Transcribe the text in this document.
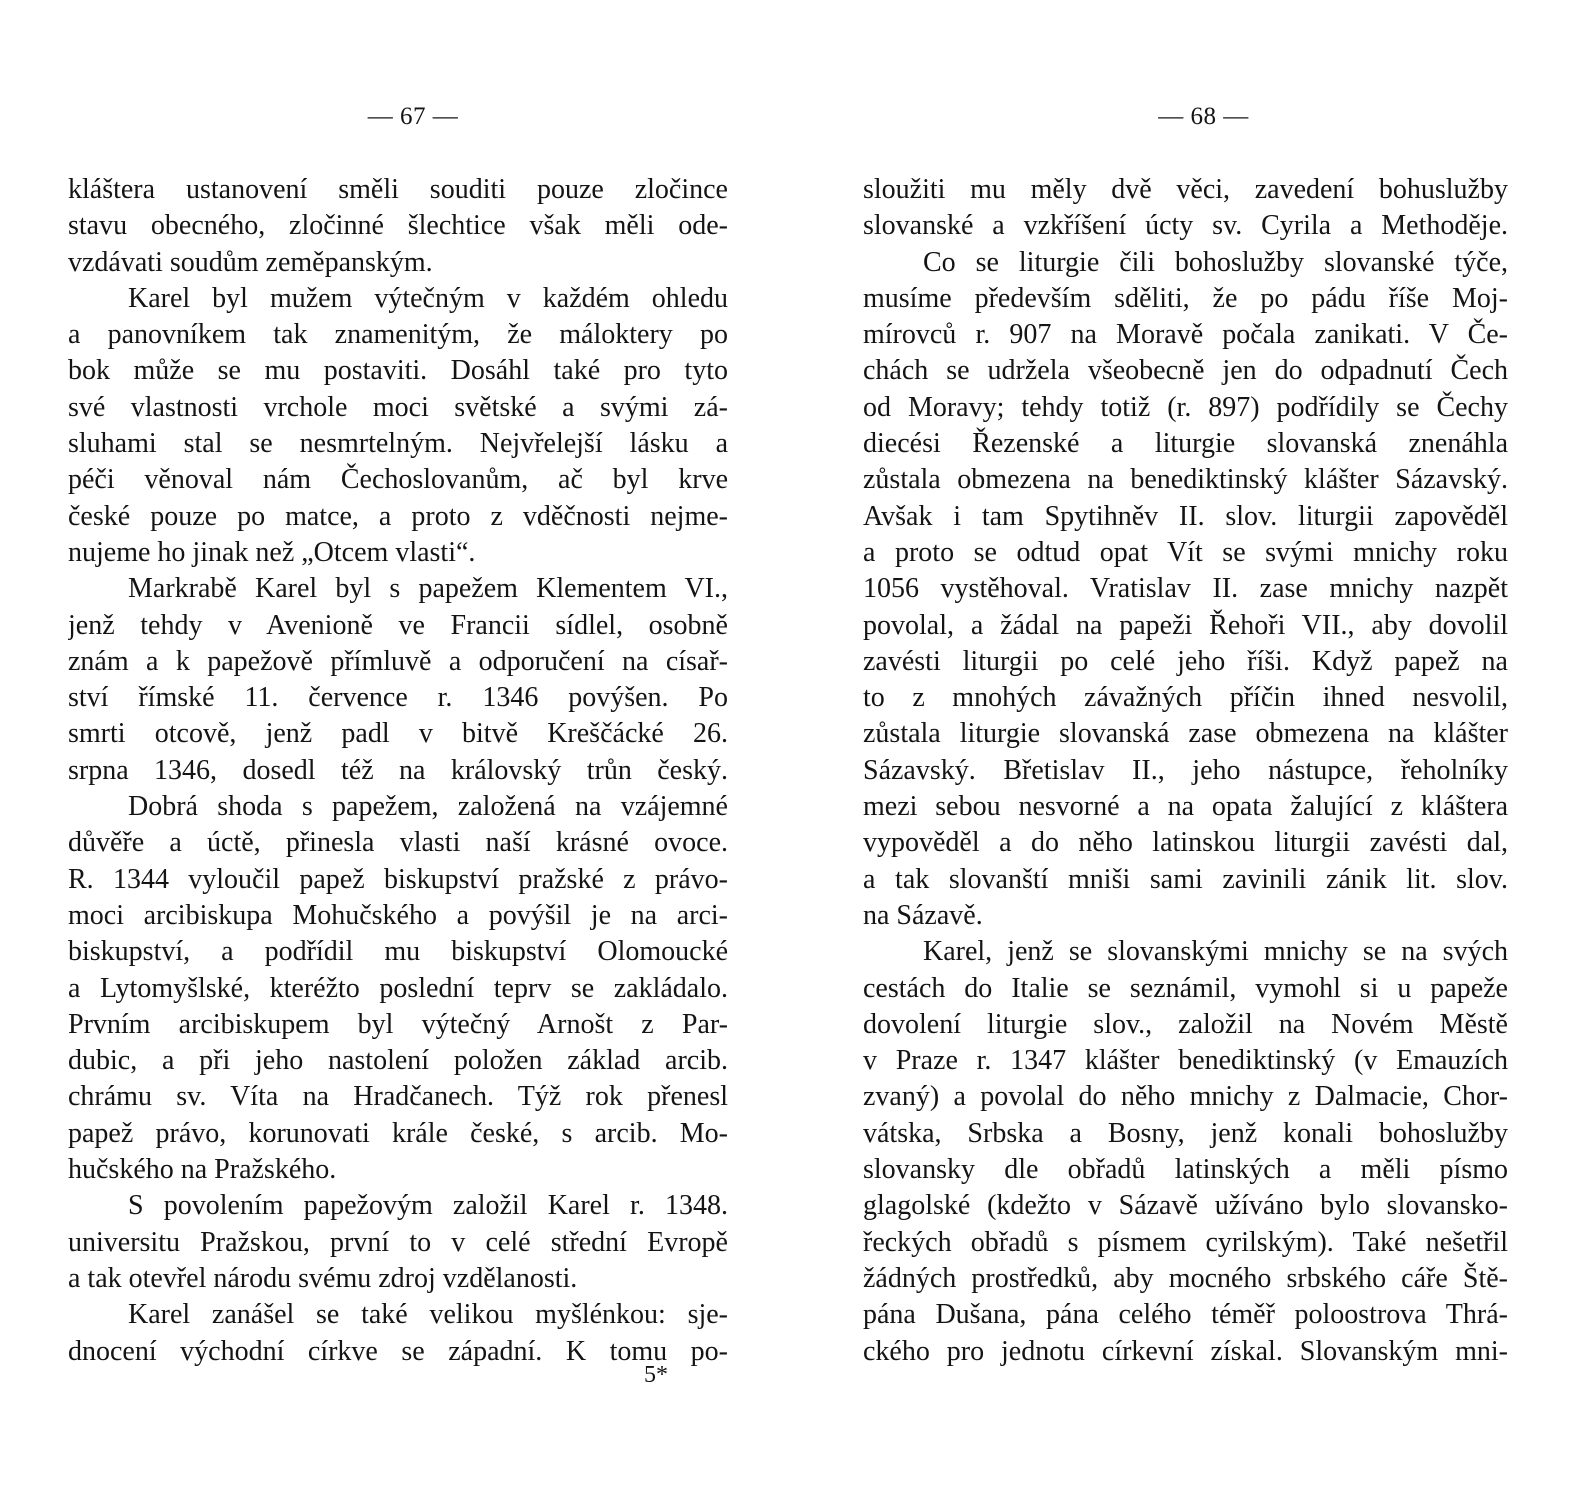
— 67 —
kláštera ustanovení směli souditi pouze zločince
stavu obecného, zločinné šlechtice však měli ode-
vzdávati soudům zeměpanským.
Karel byl mužem výtečným v každém ohledu
a panovníkem tak znamenitým, že máloktery po
bok může se mu postaviti. Dosáhl také pro tyto
své vlastnosti vrchole moci světské a svými zá-
sluhami stal se nesmrtelným. Nejvřelejší lásku a
péči věnoval nám Čechoslovanům, ač byl krve
české pouze po matce, a proto z vděčnosti nejme-
nujeme ho jinak než „Otcem vlasti“.
Markrabě Karel byl s papežem Klementem VI.,
jenž tehdy v Avenioně ve Francii sídlel, osobně
znám a k papežově přímluvě a odporučení na císař-
ství římské 11. července r. 1346 povýšen. Po
smrti otcově, jenž padl v bitvě Kreščácké 26.
srpna 1346, dosedl též na královský trůn český.
Dobrá shoda s papežem, založená na vzájemné
důvěře a úctě, přinesla vlasti naší krásné ovoce.
R. 1344 vyloučil papež biskupství pražské z právo-
moci arcibiskupa Mohučského a povýšil je na arci-
biskupství, a podřídil mu biskupství Olomoucké
a Lytomyšlské, kteréžto poslední teprv se zakládalo.
Prvním arcibiskupem byl výtečný Arnošt z Par-
dubic, a při jeho nastolení položen základ arcib.
chrámu sv. Víta na Hradčanech. Týž rok přenesl
papež právo, korunovati krále české, s arcib. Mo-
hučského na Pražského.
S povolením papežovým založil Karel r. 1348.
universitu Pražskou, první to v celé střední Evropě
a tak otevřel národu svému zdroj vzdělanosti.
Karel zanášel se také velikou myšlénkou: sje-
dnocení východní církve se západní. K tomu po-
5*
— 68 —
sloužiti mu měly dvě věci, zavedení bohuslužby
slovanské a vzkříšení úcty sv. Cyrila a Methoděje.
Co se liturgie čili bohoslužby slovanské týče,
musíme především sděliti, že po pádu říše Moj-
mírovců r. 907 na Moravě počala zanikati. V Če-
chách se udržela všeobecně jen do odpadnutí Čech
od Moravy; tehdy totiž (r. 897) podřídily se Čechy
diecési Řezenské a liturgie slovanská znenáhla
zůstala obmezena na benediktinský klášter Sázavský.
Avšak i tam Spytihněv II. slov. liturgii zapověděl
a proto se odtud opat Vít se svými mnichy roku
1056 vystěhoval. Vratislav II. zase mnichy nazpět
povolal, a žádal na papeži Řehoři VII., aby dovolil
zavésti liturgii po celé jeho říši. Když papež na
to z mnohých závažných příčin ihned nesvolil,
zůstala liturgie slovanská zase obmezena na klášter
Sázavský. Břetislav II., jeho nástupce, řeholníky
mezi sebou nesvorné a na opata žalující z kláštera
vypověděl a do něho latinskou liturgii zavésti dal,
a tak slovanští mniši sami zavinili zánik lit. slov.
na Sázavě.
Karel, jenž se slovanskými mnichy se na svých
cestách do Italie se seznámil, vymohl si u papeže
dovolení liturgie slov., založil na Novém Městě
v Praze r. 1347 klášter benediktinský (v Emauzích
zvaný) a povolal do něho mnichy z Dalmacie, Chor-
vátska, Srbska a Bosny, jenž konali bohoslužby
slovansky dle obřadů latinských a měli písmo
glagolské (kdežto v Sázavě užíváno bylo slovansko-
řeckých obřadů s písmem cyrilským). Také nešetřil
žádných prostředků, aby mocného srbského cáře Ště-
pána Dušana, pána celého téměř poloostrova Thrá-
ckého pro jednotu církevní získal. Slovanským mni-
